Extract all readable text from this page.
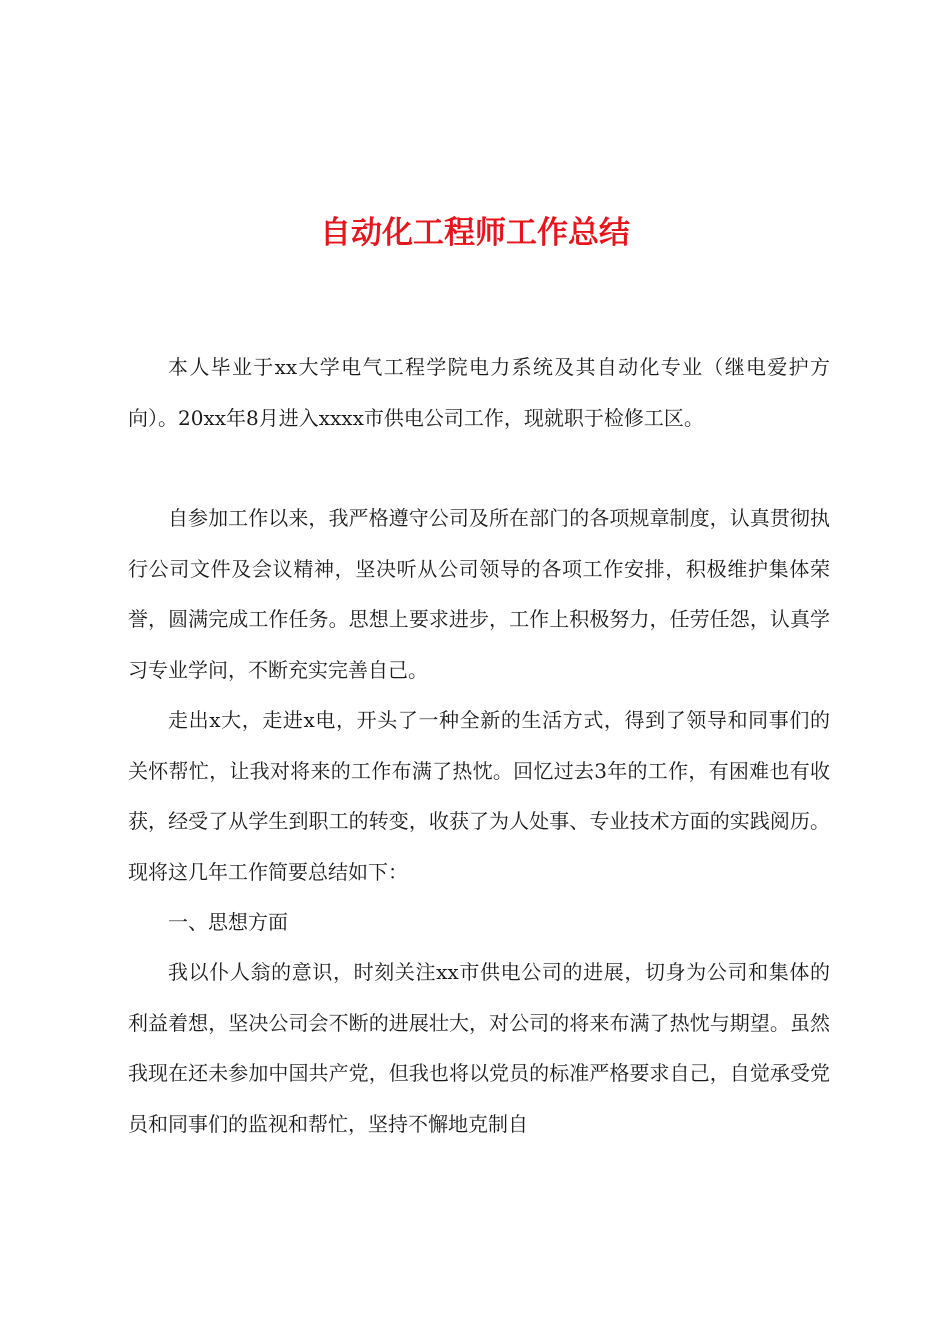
自动化工程师工作总结

本人毕业于xx大学电气工程学院电力系统及其自动化专业（继电爱护方向）。20xx年8月进入xxxx市供电公司工作，现就职于检修工区。

自参加工作以来，我严格遵守公司及所在部门的各项规章制度，认真贯彻执行公司文件及会议精神，坚决听从公司领导的各项工作安排，积极维护集体荣誉，圆满完成工作任务。思想上要求进步，工作上积极努力，任劳任怨，认真学习专业学问，不断充实完善自己。

走出x大，走进x电，开头了一种全新的生活方式，得到了领导和同事们的关怀帮忙，让我对将来的工作布满了热忱。回忆过去3年的工作，有困难也有收获，经受了从学生到职工的转变，收获了为人处事、专业技术方面的实践阅历。现将这几年工作简要总结如下：

一、思想方面

我以仆人翁的意识，时刻关注xx市供电公司的进展，切身为公司和集体的利益着想，坚决公司会不断的进展壮大，对公司的将来布满了热忱与期望。虽然我现在还未参加中国共产党，但我也将以党员的标准严格要求自己，自觉承受党员和同事们的监视和帮忙，坚持不懈地克制自
